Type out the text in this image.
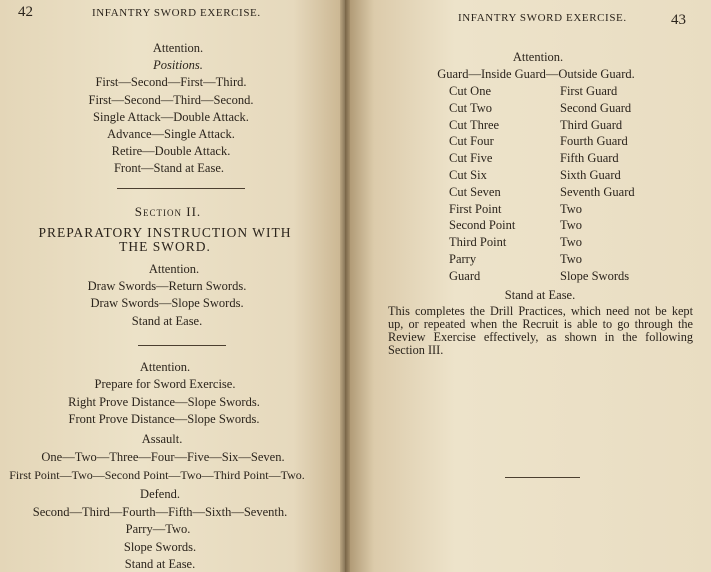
42	INFANTRY SWORD EXERCISE.
Attention.
Positions.
First—Second—First—Third.
First—Second—Third—Second.
Single Attack—Double Attack.
Advance—Single Attack.
Retire—Double Attack.
Front—Stand at Ease.
Section II.
PREPARATORY INSTRUCTION WITH
THE SWORD.
Attention.
Draw Swords—Return Swords.
Draw Swords—Slope Swords.
Stand at Ease.
Attention.
Prepare for Sword Exercise.
Right Prove Distance—Slope Swords.
Front Prove Distance—Slope Swords.
Assault.
One—Two—Three—Four—Five—Six—Seven.
First Point—Two—Second Point—Two—Third Point—Two.
Defend.
Second—Third—Fourth—Fifth—Sixth—Seventh.
Parry—Two.
Slope Swords.
Stand at Ease.
INFANTRY SWORD EXERCISE.	43
Attention.
Guard—Inside Guard—Outside Guard.
Cut One	First Guard
Cut Two	Second Guard
Cut Three	Third Guard
Cut Four	Fourth Guard
Cut Five	Fifth Guard
Cut Six	Sixth Guard
Cut Seven	Seventh Guard
First Point	Two
Second Point	Two
Third Point	Two
Parry	Two
Guard	Slope Swords
Stand at Ease.
This completes the Drill Practices, which need not be kept up, or repeated when the Recruit is able to go through the Review Exercise effectively, as shown in the following Section III.
